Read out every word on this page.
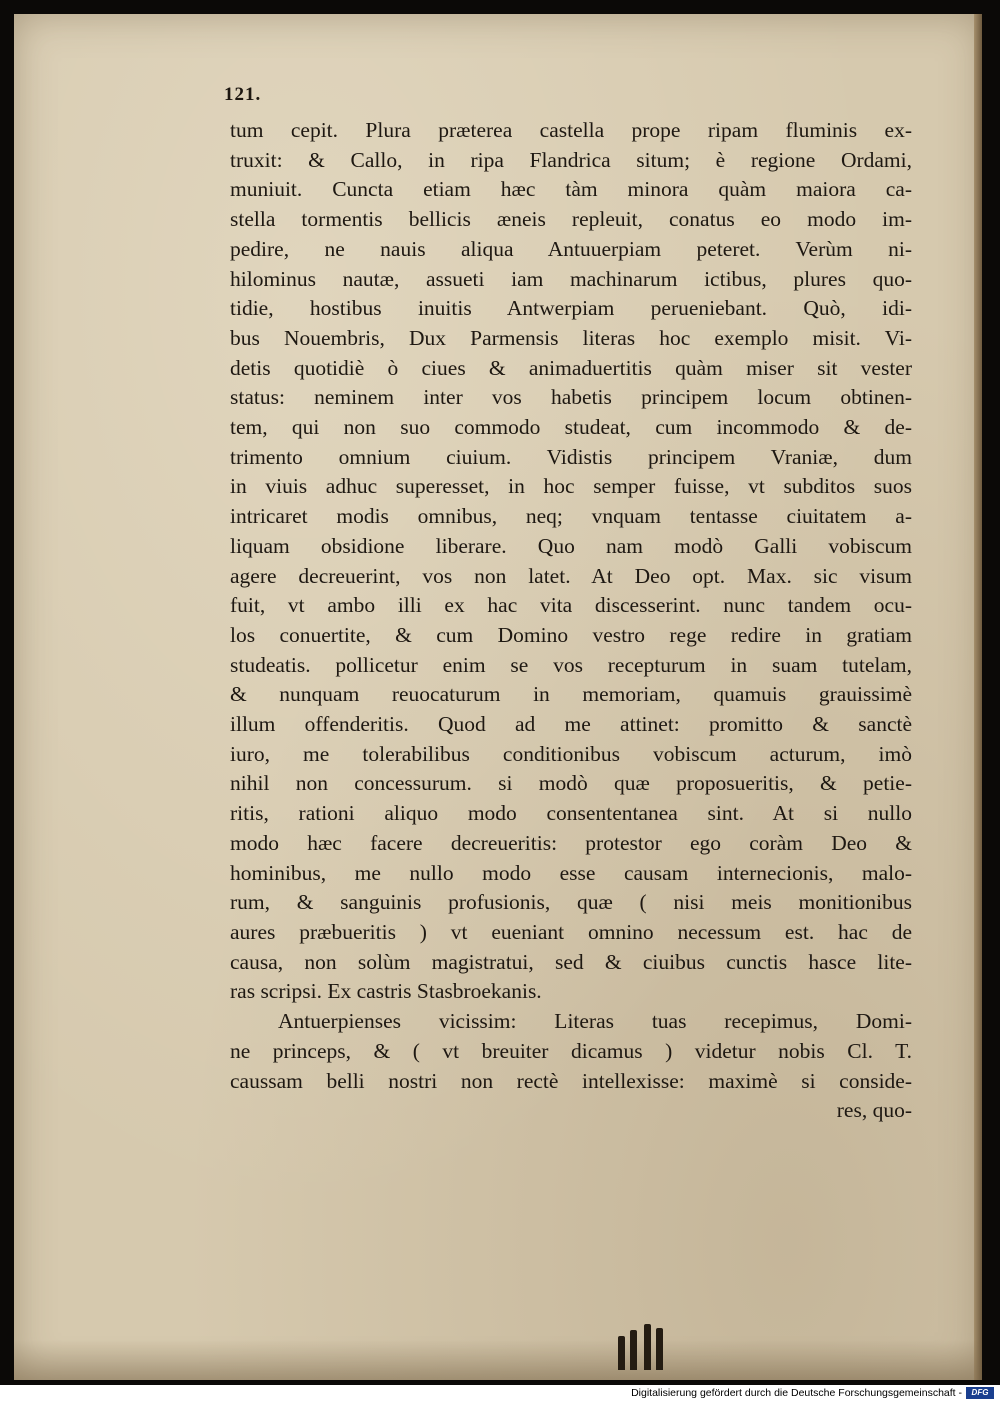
121.
tum cepit. Plura præterea castella prope ripam fluminis ex-
truxit: & Callo, in ripa Flandrica situm; è regione Ordami,
muniuit. Cuncta etiam hæc tàm minora quàm maiora ca-
stella tormentis bellicis æneis repleuit, conatus eo modo im-
pedire, ne nauis aliqua Antuuerpiam peteret. Verùm ni-
hilominus nautæ, assueti iam machinarum ictibus, plures quo-
tidie, hostibus inuitis Antwerpiam perueniebant. Quò, idi-
bus Nouembris, Dux Parmensis literas hoc exemplo misit. Vi-
detis quotidiè ò ciues & animaduertitis quàm miser sit vester
status: neminem inter vos habetis principem locum obtinen-
tem, qui non suo commodo studeat, cum incommodo & de-
trimento omnium ciuium. Vidistis principem Vraniæ, dum
in viuis adhuc superesset, in hoc semper fuisse, vt subditos suos
intricaret modis omnibus, neq; vnquam tentasse ciuitatem a-
liquam obsidione liberare. Quo nam modò Galli vobiscum
agere decreuerint, vos non latet. At Deo opt. Max. sic visum
fuit, vt ambo illi ex hac vita discesserint. nunc tandem ocu-
los conuertite, & cum Domino vestro rege redire in gratiam
studeatis. pollicetur enim se vos recepturum in suam tutelam,
& nunquam reuocaturum in memoriam, quamuis grauissimè
illum offenderitis. Quod ad me attinet: promitto & sanctè
iuro, me tolerabilibus conditionibus vobiscum acturum, imò
nihil non concessurum. si modò quæ proposueritis, & petie-
ritis, rationi aliquo modo consententanea sint. At si nullo
modo hæc facere decreueritis: protestor ego coràm Deo &
hominibus, me nullo modo esse causam internecionis, malo-
rum, & sanguinis profusionis, quæ ( nisi meis monitionibus
aures præbueritis ) vt eueniant omnino necessum est. hac de
causa, non solùm magistratui, sed & ciuibus cunctis hasce lite-
ras scripsi. Ex castris Stasbroekanis.
Antuerpienses vicissim: Literas tuas recepimus, Domi-
ne princeps, & ( vt breuiter dicamus ) videtur nobis Cl. T.
caussam belli nostri non rectè intellexisse: maximè si conside-
res, quo-
Digitalisierung gefördert durch die Deutsche Forschungsgemeinschaft -	DFG
